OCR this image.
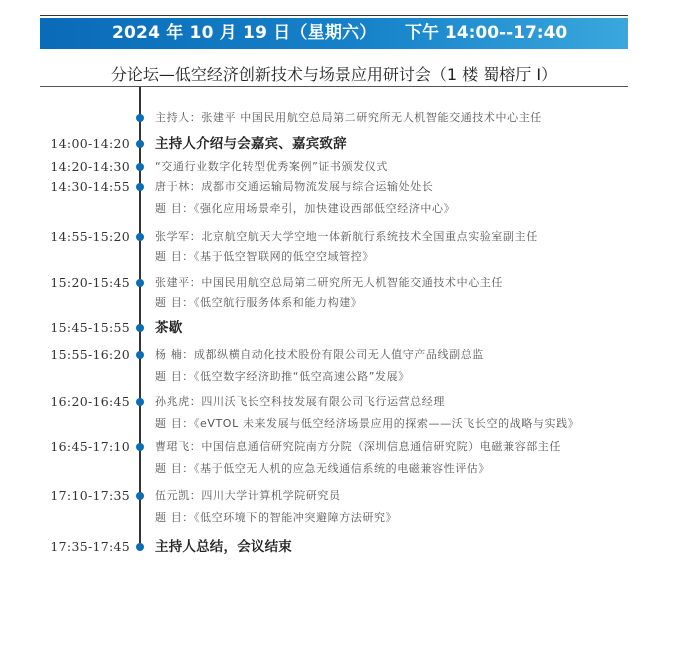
2024 年 10 月 19 日（星期六） 下午 14:00--17:40
分论坛—低空经济创新技术与场景应用研讨会（1 楼 蜀榕厅 I）
主持人：张建平 中国民用航空总局第二研究所无人机智能交通技术中心主任
14:00-14:20 主持人介绍与会嘉宾、嘉宾致辞
14:20-14:30 “交通行业数字化转型优秀案例”证书颁发仪式
14:30-14:55 唐于林：成都市交通运输局物流发展与综合运输处处长
题 目：《强化应用场景牵引，加快建设西部低空经济中心》
14:55-15:20 张学军：北京航空航天大学空地一体新航行系统技术全国重点实验室副主任
题 目：《基于低空智联网的低空空域管控》
15:20-15:45 张建平：中国民用航空总局第二研究所无人机智能交通技术中心主任
题 目：《低空航行服务体系和能力构建》
15:45-15:55 茶歇
15:55-16:20 杨 楠：成都纵横自动化技术股份有限公司无人值守产品线副总监
题 目：《低空数字经济助推“低空高速公路”发展》
16:20-16:45 孙兆虎：四川沃飞长空科技发展有限公司飞行运营总经理
题 目：《eVTOL 未来发展与低空经济场景应用的探索——沃飞长空的战略与实践》
16:45-17:10 曹珺飞：中国信息通信研究院南方分院（深圳信息通信研究院）电磁兼容部主任
题 目：《基于低空无人机的应急无线通信系统的电磁兼容性评估》
17:10-17:35 伍元凯：四川大学计算机学院研究员
题 目：《低空环境下的智能冲突避障方法研究》
17:35-17:45 主持人总结，会议结束
